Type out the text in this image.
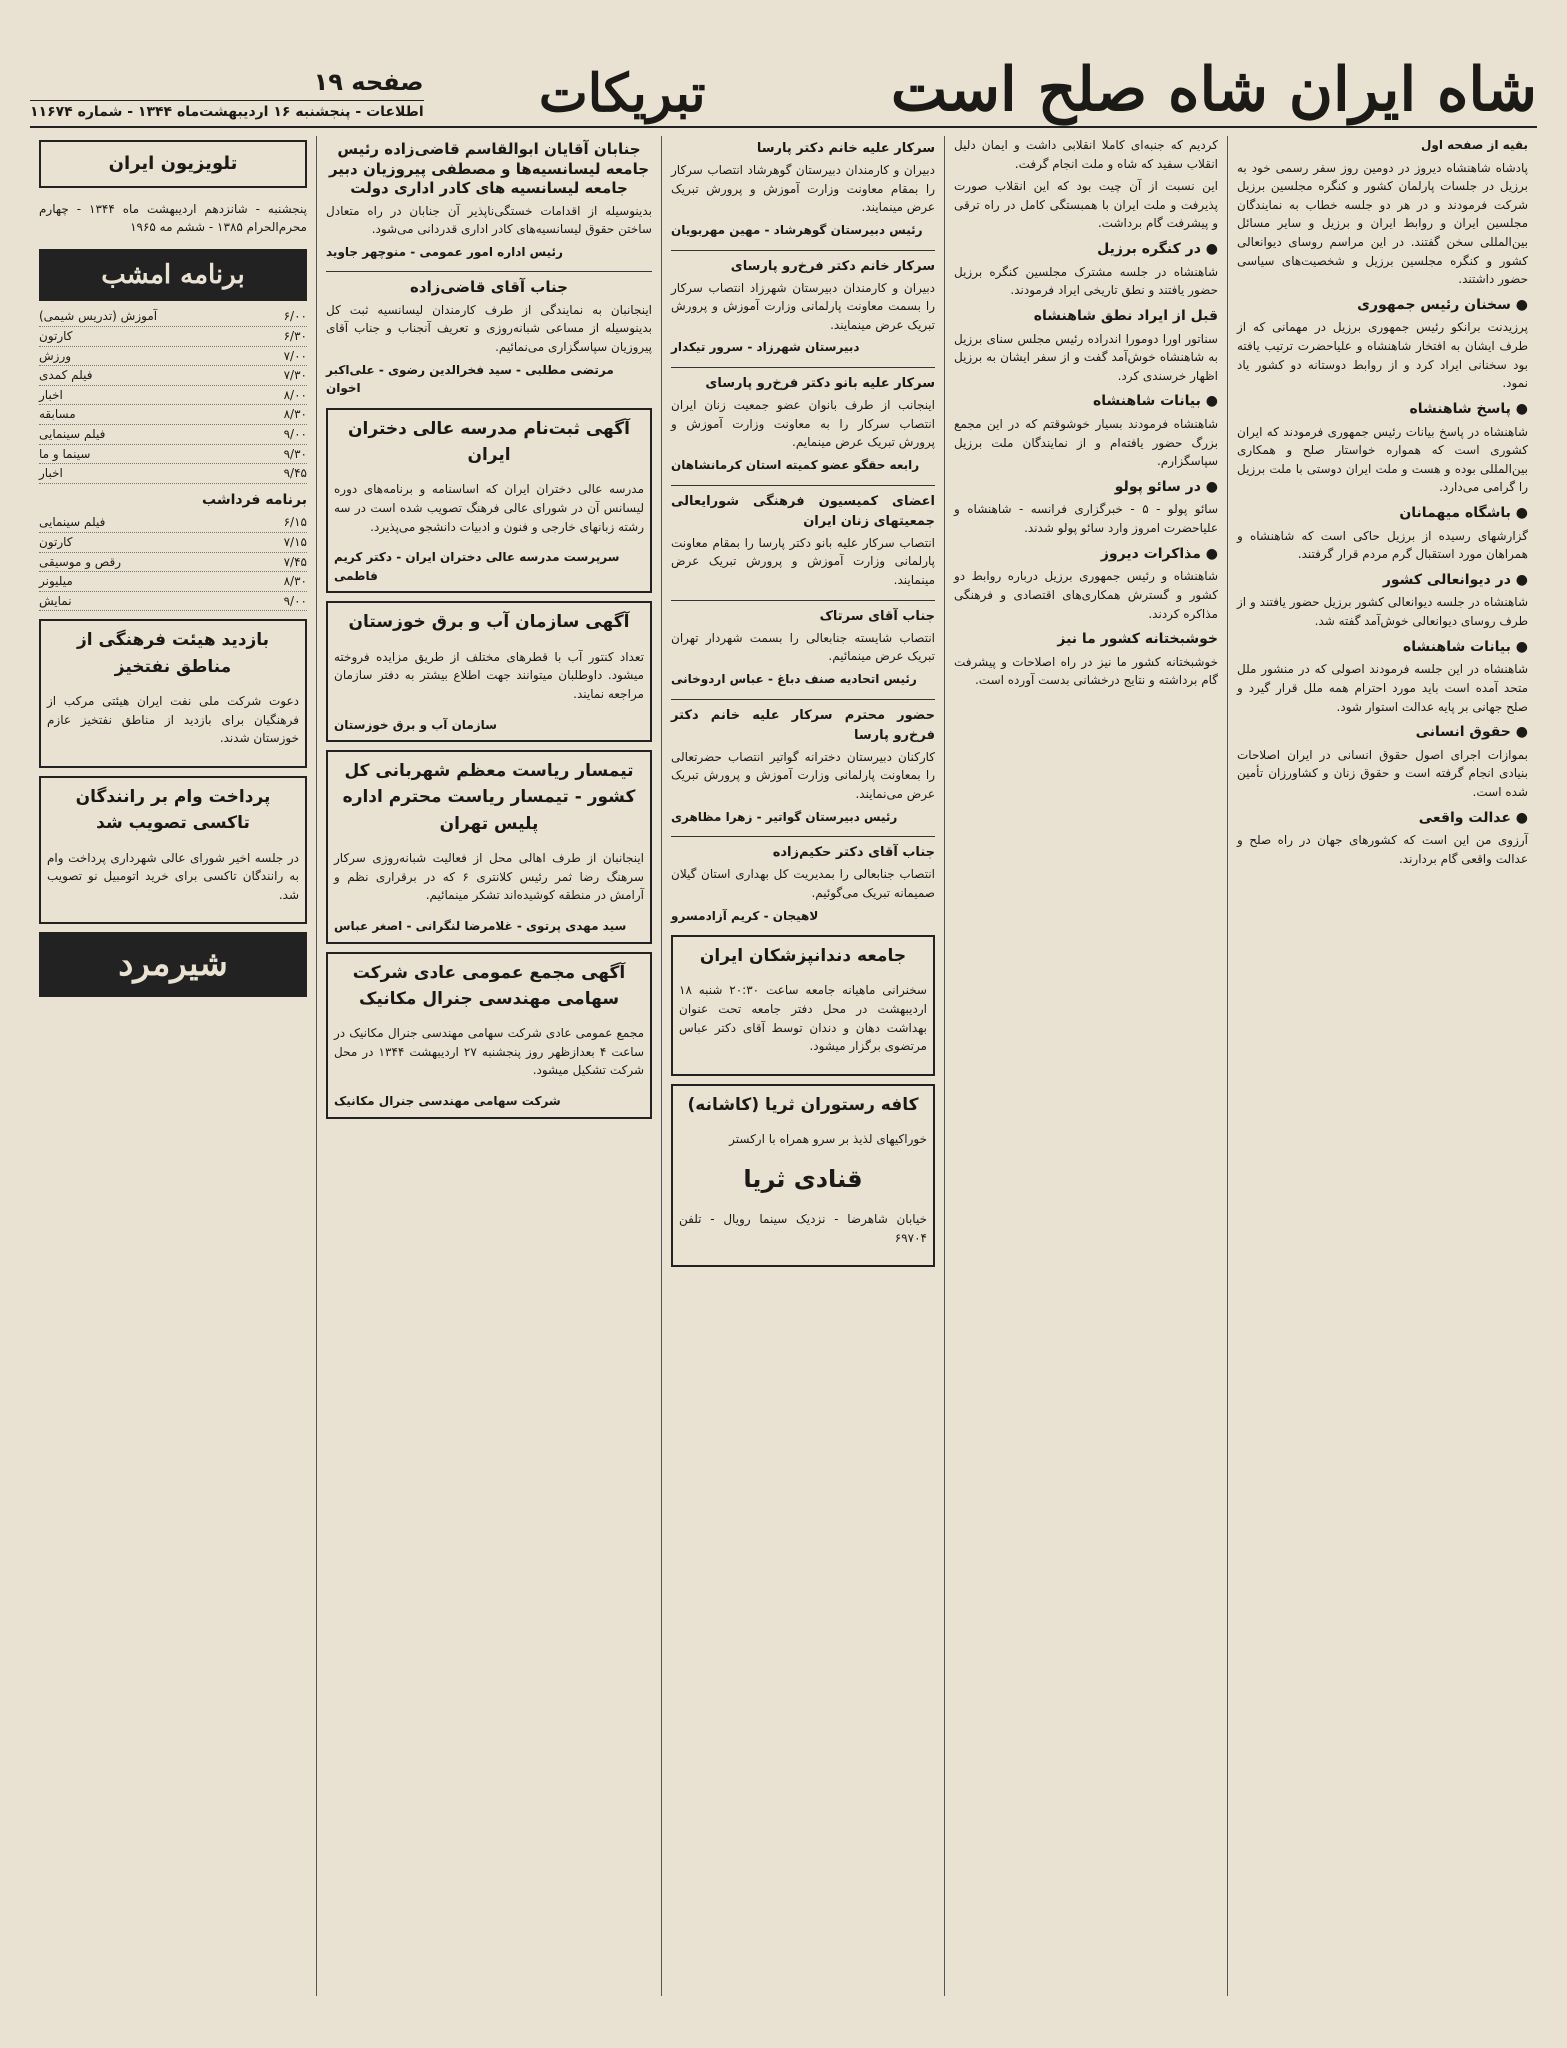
شاه ایران شاه صلح است
تبریکات
صفحه ۱۹
اطلاعات - پنجشنبه ۱۶ اردیبهشت‌ماه ۱۳۴۴ - شماره ۱۱۶۷۴

بقیه از صفحه اول

پادشاه شاهنشاه دیروز در دومین روز سفر رسمی خود به برزیل در جلسات پارلمان کشور و کنگره مجلسین برزیل شرکت فرمودند و در هر دو جلسه خطاب به نمایندگان مجلسین ایران و روابط ایران و برزیل و سایر مسائل بین‌المللی سخن گفتند. در این مراسم روسای دیوانعالی کشور و کنگره مجلسین برزیل و شخصیت‌های سیاسی حضور داشتند.

● سخنان رئیس جمهوری

پرزیدنت برانکو رئیس جمهوری برزیل در مهمانی که از طرف ایشان به افتخار شاهنشاه و علیاحضرت ترتیب یافته بود سخنانی ایراد کرد و از روابط دوستانه دو کشور یاد نمود.

● پاسخ شاهنشاه

شاهنشاه در پاسخ بیانات رئیس جمهوری فرمودند که ایران کشوری است که همواره خواستار صلح و همکاری بین‌المللی بوده و هست و ملت ایران دوستی با ملت برزیل را گرامی می‌دارد.

● باشگاه میهمانان

گزارشهای رسیده از برزیل حاکی است که شاهنشاه و همراهان مورد استقبال گرم مردم قرار گرفتند.

● در دیوانعالی کشور

شاهنشاه در جلسه دیوانعالی کشور برزیل حضور یافتند و از طرف روسای دیوانعالی خوش‌آمد گفته شد.

● بیانات شاهنشاه

شاهنشاه در این جلسه فرمودند اصولی که در منشور ملل متحد آمده است باید مورد احترام همه ملل قرار گیرد و صلح جهانی بر پایه عدالت استوار شود.

● حقوق انسانی

بموازات اجرای اصول حقوق انسانی در ایران اصلاحات بنیادی انجام گرفته است و حقوق زنان و کشاورزان تأمین شده است.

● عدالت واقعی

آرزوی من این است که کشورهای جهان در راه صلح و عدالت واقعی گام بردارند.

کردیم که جنبه‌ای کاملا انقلابی داشت و ایمان دلیل انقلاب سفید که شاه و ملت انجام گرفت.

این نسبت از آن چیت بود که این انقلاب صورت پذیرفت و ملت ایران با همبستگی کامل در راه ترقی و پیشرفت گام برداشت.

● در کنگره برزیل

شاهنشاه در جلسه مشترک مجلسین کنگره برزیل حضور یافتند و نطق تاریخی ایراد فرمودند.

قبل از ایراد نطق شاهنشاه

سناتور اورا دومورا اندراده رئیس مجلس سنای برزیل به شاهنشاه خوش‌آمد گفت و از سفر ایشان به برزیل اظهار خرسندی کرد.

● بیانات شاهنشاه

شاهنشاه فرمودند بسیار خوشوقتم که در این مجمع بزرگ حضور یافته‌ام و از نمایندگان ملت برزیل سپاسگزارم.

● در سائو پولو

سائو پولو - ۵ - خبرگزاری فرانسه - شاهنشاه و علیاحضرت امروز وارد سائو پولو شدند.

● مذاکرات دیروز

شاهنشاه و رئیس جمهوری برزیل درباره روابط دو کشور و گسترش همکاری‌های اقتصادی و فرهنگی مذاکره کردند.

خوشبختانه کشور ما نیز

خوشبختانه کشور ما نیز در راه اصلاحات و پیشرفت گام برداشته و نتایج درخشانی بدست آورده است.

سرکار علیه خانم دکتر پارسا

دبیران و کارمندان دبیرستان گوهرشاد انتصاب سرکار را بمقام معاونت وزارت آموزش و پرورش تبریک عرض مینمایند.

رئیس دبیرستان گوهرشاد - مهین مهربویان
سرکار خانم دکتر فرخ‌رو پارسای

دبیران و کارمندان دبیرستان شهرزاد انتصاب سرکار را بسمت معاونت پارلمانی وزارت آموزش و پرورش تبریک عرض مینمایند.

دبیرستان شهرزاد - سرور تیکدار
سرکار علیه بانو دکتر فرخ‌رو پارسای

اینجانب از طرف بانوان عضو جمعیت زنان ایران انتصاب سرکار را به معاونت وزارت آموزش و پرورش تبریک عرض مینمایم.

رابعه حقگو عضو کمیته استان کرمانشاهان
اعضای کمیسیون فرهنگی شورایعالی جمعیتهای زنان ایران

انتصاب سرکار علیه بانو دکتر پارسا را بمقام معاونت پارلمانی وزارت آموزش و پرورش تبریک عرض مینمایند.

جناب آقای سرتاک

انتصاب شایسته جنابعالی را بسمت شهردار تهران تبریک عرض مینمائیم.

رئیس اتحادیه صنف دباغ - عباس اردوخانی
حضور محترم سرکار علیه خانم دکتر فرخ‌رو پارسا

کارکنان دبیرستان دخترانه گواتیر انتصاب حضرتعالی را بمعاونت پارلمانی وزارت آموزش و پرورش تبریک عرض می‌نمایند.

رئیس دبیرستان گواتیر - زهرا مظاهری
جناب آقای دکتر حکیم‌زاده

انتصاب جنابعالی را بمدیریت کل بهداری استان گیلان صمیمانه تبریک می‌گوئیم.

لاهیجان - کریم آزادمسرو
جامعه دندانپزشکان ایران

سخنرانی ماهیانه جامعه ساعت ۲۰:۳۰ شنبه ۱۸ اردیبهشت در محل دفتر جامعه تحت عنوان بهداشت دهان و دندان توسط آقای دکتر عباس مرتضوی برگزار میشود.

کافه رستوران ثریا (کاشانه)

خوراکیهای لذیذ بر سرو همراه با ارکستر

قنادی ثریا

خیابان شاهرضا - نزدیک سینما رویال - تلفن ۶۹۷۰۴

جنابان آقایان ابوالقاسم قاضی‌زاده رئیس جامعه لیسانسیه‌ها و مصطفی پیروزیان دبیر جامعه لیسانسیه های کادر اداری دولت

بدینوسیله از اقدامات خستگی‌ناپذیر آن جنابان در راه متعادل ساختن حقوق لیسانسیه‌های کادر اداری قدردانی می‌شود.

رئیس اداره امور عمومی - منوچهر جاوید
جناب آقای قاضی‌زاده

اینجانبان به نمایندگی از طرف کارمندان لیسانسیه ثبت کل بدینوسیله از مساعی شبانه‌روزی و تعریف آنجناب و جناب آقای پیروزیان سپاسگزاری می‌نمائیم.

مرتضی مطلبی - سید فخرالدین رضوی - علی‌اکبر اخوان
آگهی ثبت‌نام مدرسه عالی دختران ایران

مدرسه عالی دختران ایران که اساسنامه و برنامه‌های دوره لیسانس آن در شورای عالی فرهنگ تصویب شده است در سه رشته زبانهای خارجی و فنون و ادبیات دانشجو می‌پذیرد.

سرپرست مدرسه عالی دختران ایران - دکتر کریم فاطمی
آگهی سازمان آب و برق خوزستان

تعداد کنتور آب با قطرهای مختلف از طریق مزایده فروخته میشود. داوطلبان میتوانند جهت اطلاع بیشتر به دفتر سازمان مراجعه نمایند.

سازمان آب و برق خوزستان
تیمسار ریاست معظم شهربانی کل کشور - تیمسار ریاست محترم اداره پلیس تهران

اینجانبان از طرف اهالی محل از فعالیت شبانه‌روزی سرکار سرهنگ رضا ثمر رئیس کلانتری ۶ که در برقراری نظم و آرامش در منطقه کوشیده‌اند تشکر مینمائیم.

سید مهدی پرتوی - غلامرضا لنگرانی - اصغر عباس
آگهی مجمع عمومی عادی شرکت سهامی مهندسی جنرال مکانیک

مجمع عمومی عادی شرکت سهامی مهندسی جنرال مکانیک در ساعت ۴ بعدازظهر روز پنجشنبه ۲۷ اردیبهشت ۱۳۴۴ در محل شرکت تشکیل میشود.

شرکت سهامی مهندسی جنرال مکانیک
تلویزیون ایران

پنجشنبه - شانزدهم اردیبهشت ماه ۱۳۴۴ - چهارم محرم‌الحرام ۱۳۸۵ - ششم مه ۱۹۶۵

برنامه امشب
۶/۰۰
آموزش (تدریس شیمی)
۶/۳۰
کارتون
۷/۰۰
ورزش
۷/۳۰
فیلم کمدی
۸/۰۰
اخبار
۸/۳۰
مسابقه
۹/۰۰
فیلم سینمایی
۹/۳۰
سینما و ما
۹/۴۵
اخبار
برنامه فرداشب
۶/۱۵
فیلم سینمایی
۷/۱۵
کارتون
۷/۴۵
رقص و موسیقی
۸/۳۰
میلیونر
۹/۰۰
نمایش
بازدید هیئت فرهنگی از مناطق نفتخیز

دعوت شرکت ملی نفت ایران هیئتی مرکب از فرهنگیان برای بازدید از مناطق نفتخیز عازم خوزستان شدند.

پرداخت وام بر رانندگان تاکسی تصویب شد

در جلسه اخیر شورای عالی شهرداری پرداخت وام به رانندگان تاکسی برای خرید اتومبیل نو تصویب شد.

شیرمرد
